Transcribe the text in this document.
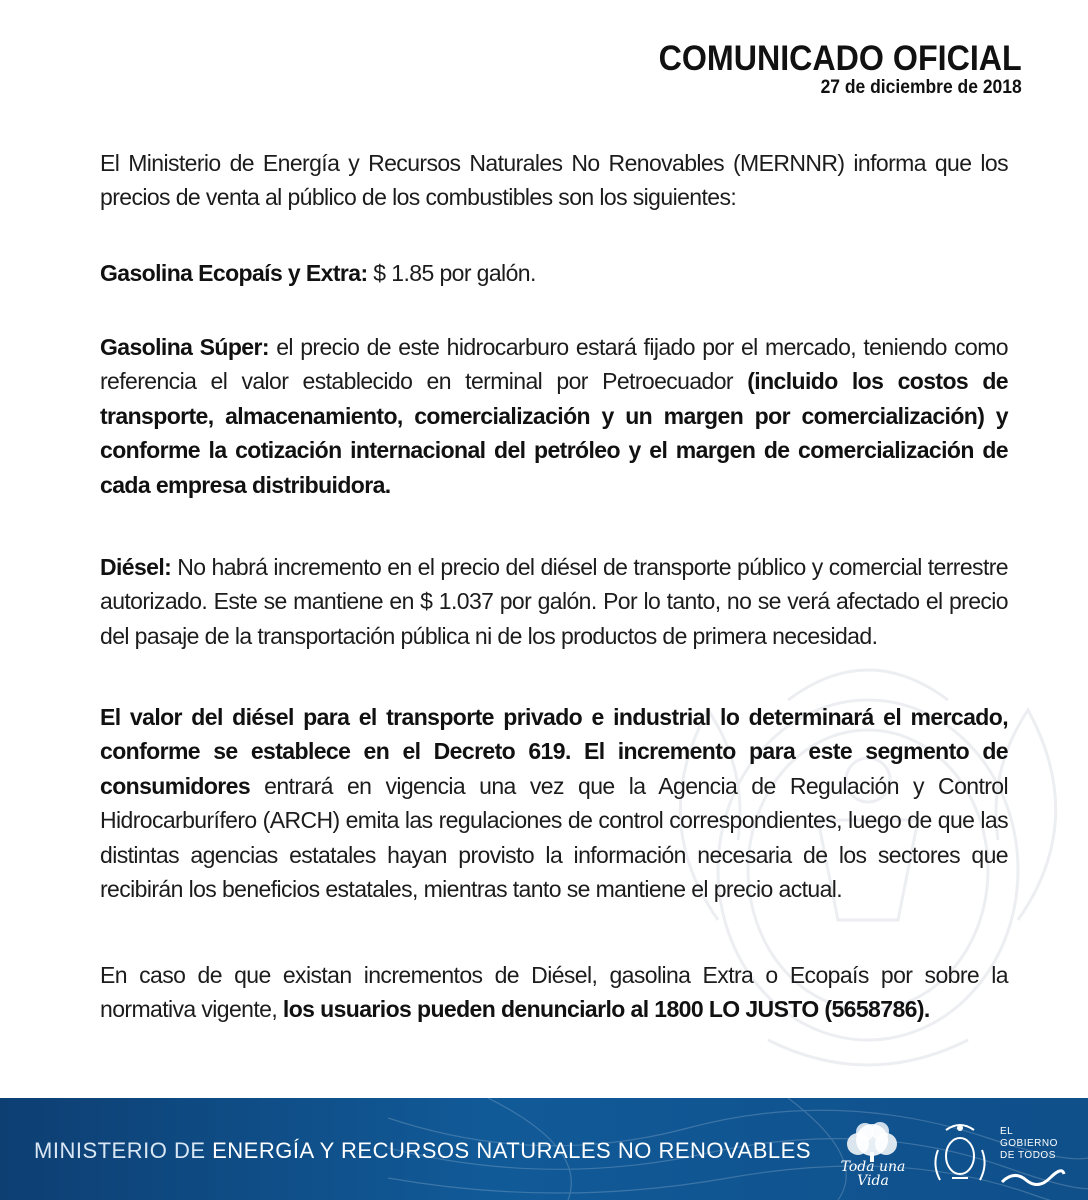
COMUNICADO OFICIAL
27 de diciembre de 2018

El Ministerio de Energía y Recursos Naturales No Renovables (MERNNR) informa que los precios de venta al público de los combustibles son los siguientes:

Gasolina Ecopaís y Extra: $ 1.85 por galón.

Gasolina Súper: el precio de este hidrocarburo estará fijado por el mercado, teniendo como referencia el valor establecido en terminal por Petroecuador (incluido los costos de transporte, almacenamiento, comercialización y un margen por comercialización) y conforme la cotización internacional del petróleo y el margen de comercialización de cada empresa distribuidora.

Diésel: No habrá incremento en el precio del diésel de transporte público y comercial terrestre autorizado. Este se mantiene en $ 1.037 por galón. Por lo tanto, no se verá afectado el precio del pasaje de la transportación pública ni de los productos de primera necesidad.

El valor del diésel para el transporte privado e industrial lo determinará el mercado, conforme se establece en el Decreto 619. El incremento para este segmento de consumidores entrará en vigencia una vez que la Agencia de Regulación y Control Hidrocarburífero (ARCH) emita las regulaciones de control correspondientes, luego de que las distintas agencias estatales hayan provisto la información necesaria de los sectores que recibirán los beneficios estatales, mientras tanto se mantiene el precio actual.

En caso de que existan incrementos de Diésel, gasolina Extra o Ecopaís por sobre la normativa vigente, los usuarios pueden denunciarlo al 1800 LO JUSTO (5658786).

MINISTERIO DE ENERGÍA Y RECURSOS NATURALES NO RENOVABLES
Toda una Vida
EL
GOBIERNO
DE TODOS
